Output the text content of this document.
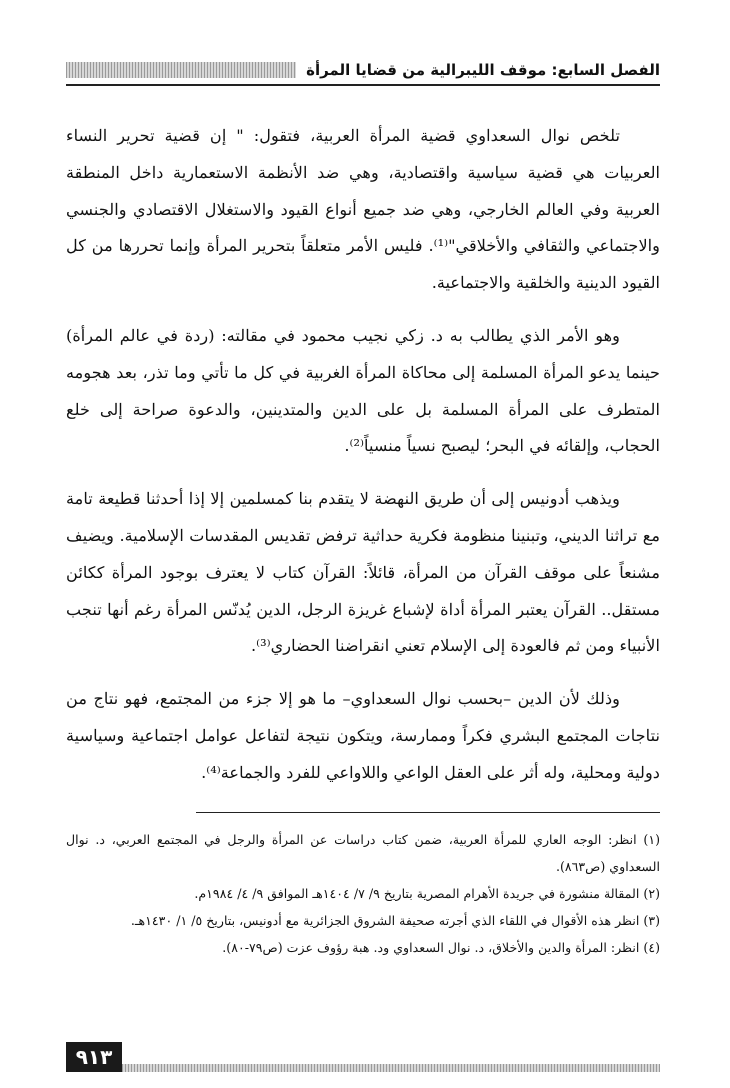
الفصل السابع: موقف الليبرالية من قضايا المرأة

تلخص نوال السعداوي قضية المرأة العربية، فتقول: " إن قضية تحرير النساء العربيات هي قضية سياسية واقتصادية، وهي ضد الأنظمة الاستعمارية داخل المنطقة العربية وفي العالم الخارجي، وهي ضد جميع أنواع القيود والاستغلال الاقتصادي والجنسي والاجتماعي والثقافي والأخلاقي"⁽¹⁾. فليس الأمر متعلقاً بتحرير المرأة وإنما تحررها من كل القيود الدينية والخلقية والاجتماعية.

وهو الأمر الذي يطالب به د. زكي نجيب محمود في مقالته: (ردة في عالم المرأة) حينما يدعو المرأة المسلمة إلى محاكاة المرأة الغربية في كل ما تأتي وما تذر، بعد هجومه المتطرف على المرأة المسلمة بل على الدين والمتدينين، والدعوة صراحة إلى خلع الحجاب، وإلقائه في البحر؛ ليصبح نسياً منسياً⁽²⁾.

ويذهب أدونيس إلى أن طريق النهضة لا يتقدم بنا كمسلمين إلا إذا أحدثنا قطيعة تامة مع تراثنا الديني، وتبنينا منظومة فكرية حداثية ترفض تقديس المقدسات الإسلامية. ويضيف مشنعاً على موقف القرآن من المرأة، قائلاً: القرآن كتاب لا يعترف بوجود المرأة ككائن مستقل.. القرآن يعتبر المرأة أداة لإشباع غريزة الرجل، الدين يُدنّس المرأة رغم أنها تنجب الأنبياء ومن ثم فالعودة إلى الإسلام تعني انقراضنا الحضاري⁽³⁾.

وذلك لأن الدين –بحسب نوال السعداوي– ما هو إلا جزء من المجتمع، فهو نتاج من نتاجات المجتمع البشري فكراً وممارسة، ويتكون نتيجة لتفاعل عوامل اجتماعية وسياسية دولية ومحلية، وله أثر على العقل الواعي واللاواعي للفرد والجماعة⁽⁴⁾.

(١) انظر: الوجه العاري للمرأة العربية، ضمن كتاب دراسات عن المرأة والرجل في المجتمع العربي، د. نوال السعداوي (ص٨٦٣).

(٢) المقالة منشورة في جريدة الأهرام المصرية بتاريخ ٩/ ٧/ ١٤٠٤هـ الموافق ٩/ ٤/ ١٩٨٤م.

(٣) انظر هذه الأقوال في اللقاء الذي أجرته صحيفة الشروق الجزائرية مع أدونيس، بتاريخ ٥/ ١/ ١٤٣٠هـ.

(٤) انظر: المرأة والدين والأخلاق، د. نوال السعداوي ود. هبة رؤوف عزت (ص٧٩-٨٠).

٩١٣
